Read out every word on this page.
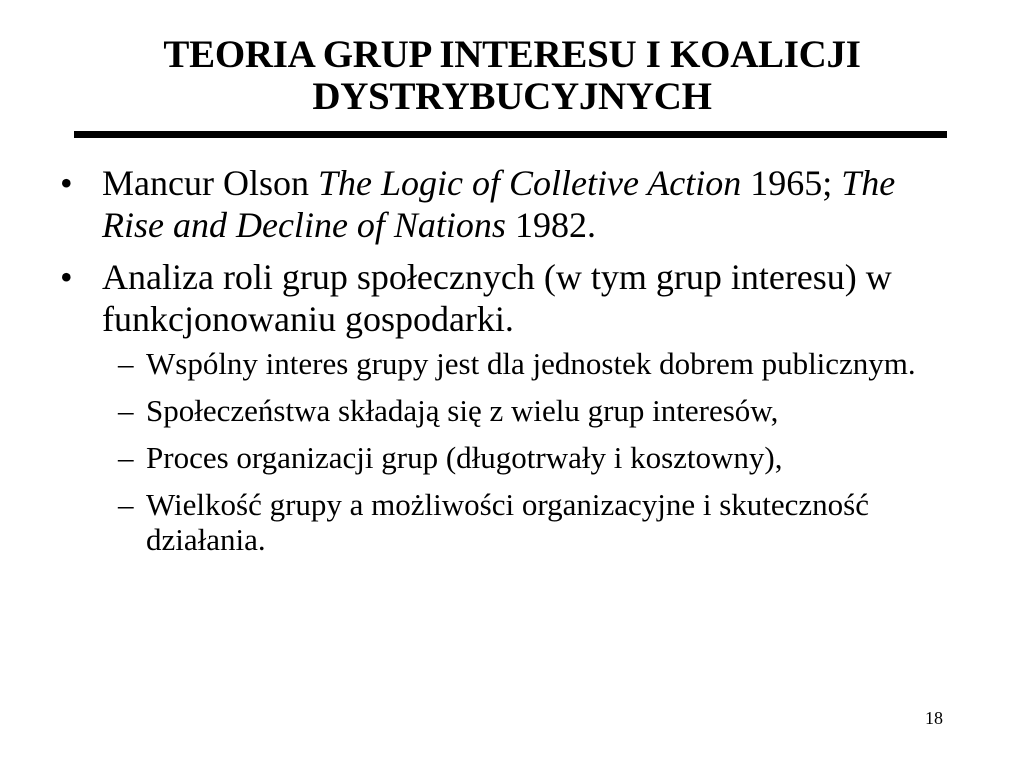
TEORIA GRUP INTERESU I KOALICJI
DYSTRYBUCYJNYCH
• Mancur Olson The Logic of Colletive Action 1965; The Rise and Decline of Nations 1982.
• Analiza roli grup społecznych (w tym grup interesu) w funkcjonowaniu gospodarki.
– Wspólny interes grupy jest dla jednostek dobrem publicznym.
– Społeczeństwa składają się z wielu grup interesów,
– Proces organizacji grup (długotrwały i kosztowny),
– Wielkość grupy a możliwości organizacyjne i skuteczność działania.
18
